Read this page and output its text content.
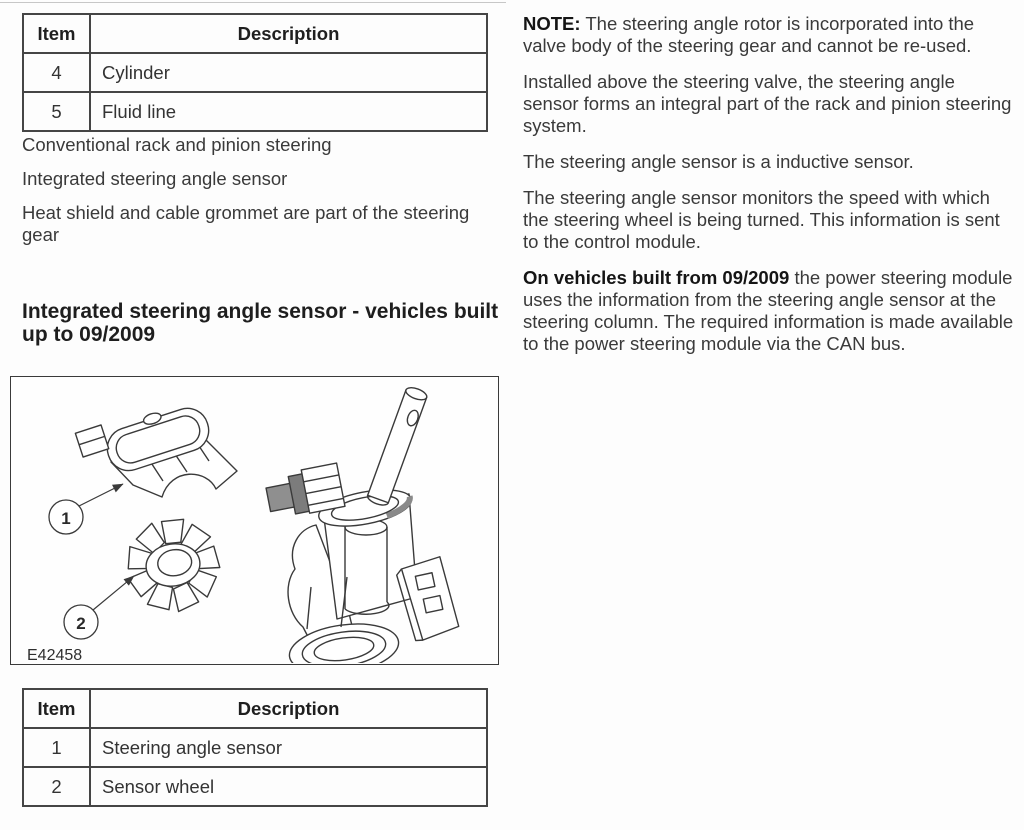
Item	Description
4	Cylinder
5	Fluid line

Conventional rack and pinion steering

Integrated steering angle sensor

Heat shield and cable grommet are part of the steering gear

Integrated steering angle sensor - vehicles built up to 09/2009
1
2
E42458
Item	Description
1	Steering angle sensor
2	Sensor wheel

NOTE: The steering angle rotor is incorporated into the valve body of the steering gear and cannot be re-used.

Installed above the steering valve, the steering angle sensor forms an integral part of the rack and pinion steering system.

The steering angle sensor is a inductive sensor.

The steering angle sensor monitors the speed with which the steering wheel is being turned. This information is sent to the control module.

On vehicles built from 09/2009 the power steering module uses the information from the steering angle sensor at the steering column. The required information is made available to the power steering module via the CAN bus.
